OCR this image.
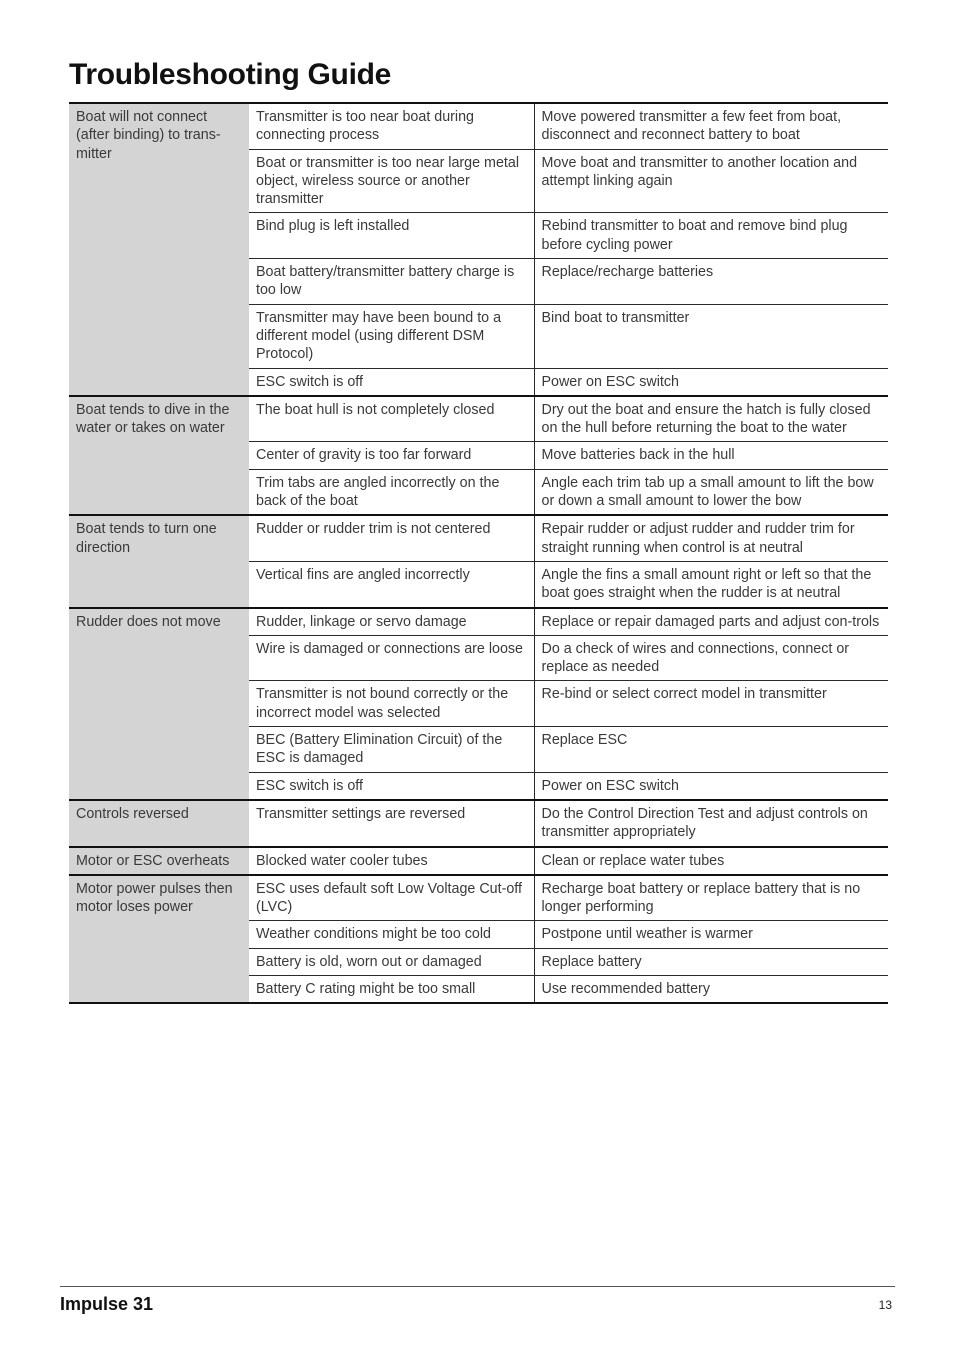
Troubleshooting Guide
Boat will not connect (after binding) to trans-mitter	Transmitter is too near boat during connecting process	Move powered transmitter a few feet from boat, disconnect and reconnect battery to boat
	Boat or transmitter is too near large metal object, wireless source or another transmitter	Move boat and transmitter to another location and attempt linking again
	Bind plug is left installed	Rebind transmitter to boat and remove bind plug before cycling power
	Boat battery/transmitter battery charge is too low	Replace/recharge batteries
	Transmitter may have been bound to a different model (using different DSM Protocol)	Bind boat to transmitter
	ESC switch is off	Power on ESC switch
Boat tends to dive in the water or takes on water	The boat hull is not completely closed	Dry out the boat and ensure the hatch is fully closed on the hull before returning the boat to the water
	Center of gravity is too far forward	Move batteries back in the hull
	Trim tabs are angled incorrectly on the back of the boat	Angle each trim tab up a small amount to lift the bow or down a small amount to lower the bow
Boat tends to turn one direction	Rudder or rudder trim is not centered	Repair rudder or adjust rudder and rudder trim for straight running when control is at neutral
	Vertical fins are angled incorrectly	Angle the fins a small amount right or left so that the boat goes straight when the rudder is at neutral
Rudder does not move	Rudder, linkage or servo damage	Replace or repair damaged parts and adjust con-trols
	Wire is damaged or connections are loose	Do a check of wires and connections, connect or replace as needed
	Transmitter is not bound correctly or the incorrect model was selected	Re-bind or select correct model in transmitter
	BEC (Battery Elimination Circuit) of the ESC is damaged	Replace ESC
	ESC switch is off	Power on ESC switch
Controls reversed	Transmitter settings are reversed	Do the Control Direction Test and adjust controls on transmitter appropriately
Motor or ESC overheats	Blocked water cooler tubes	Clean or replace water tubes
Motor power pulses then motor loses power	ESC uses default soft Low Voltage Cut-off (LVC)	Recharge boat battery or replace battery that is no longer performing
	Weather conditions might be too cold	Postpone until weather is warmer
	Battery is old, worn out or damaged	Replace battery
	Battery C rating might be too small	Use recommended battery
Impulse 31	13
